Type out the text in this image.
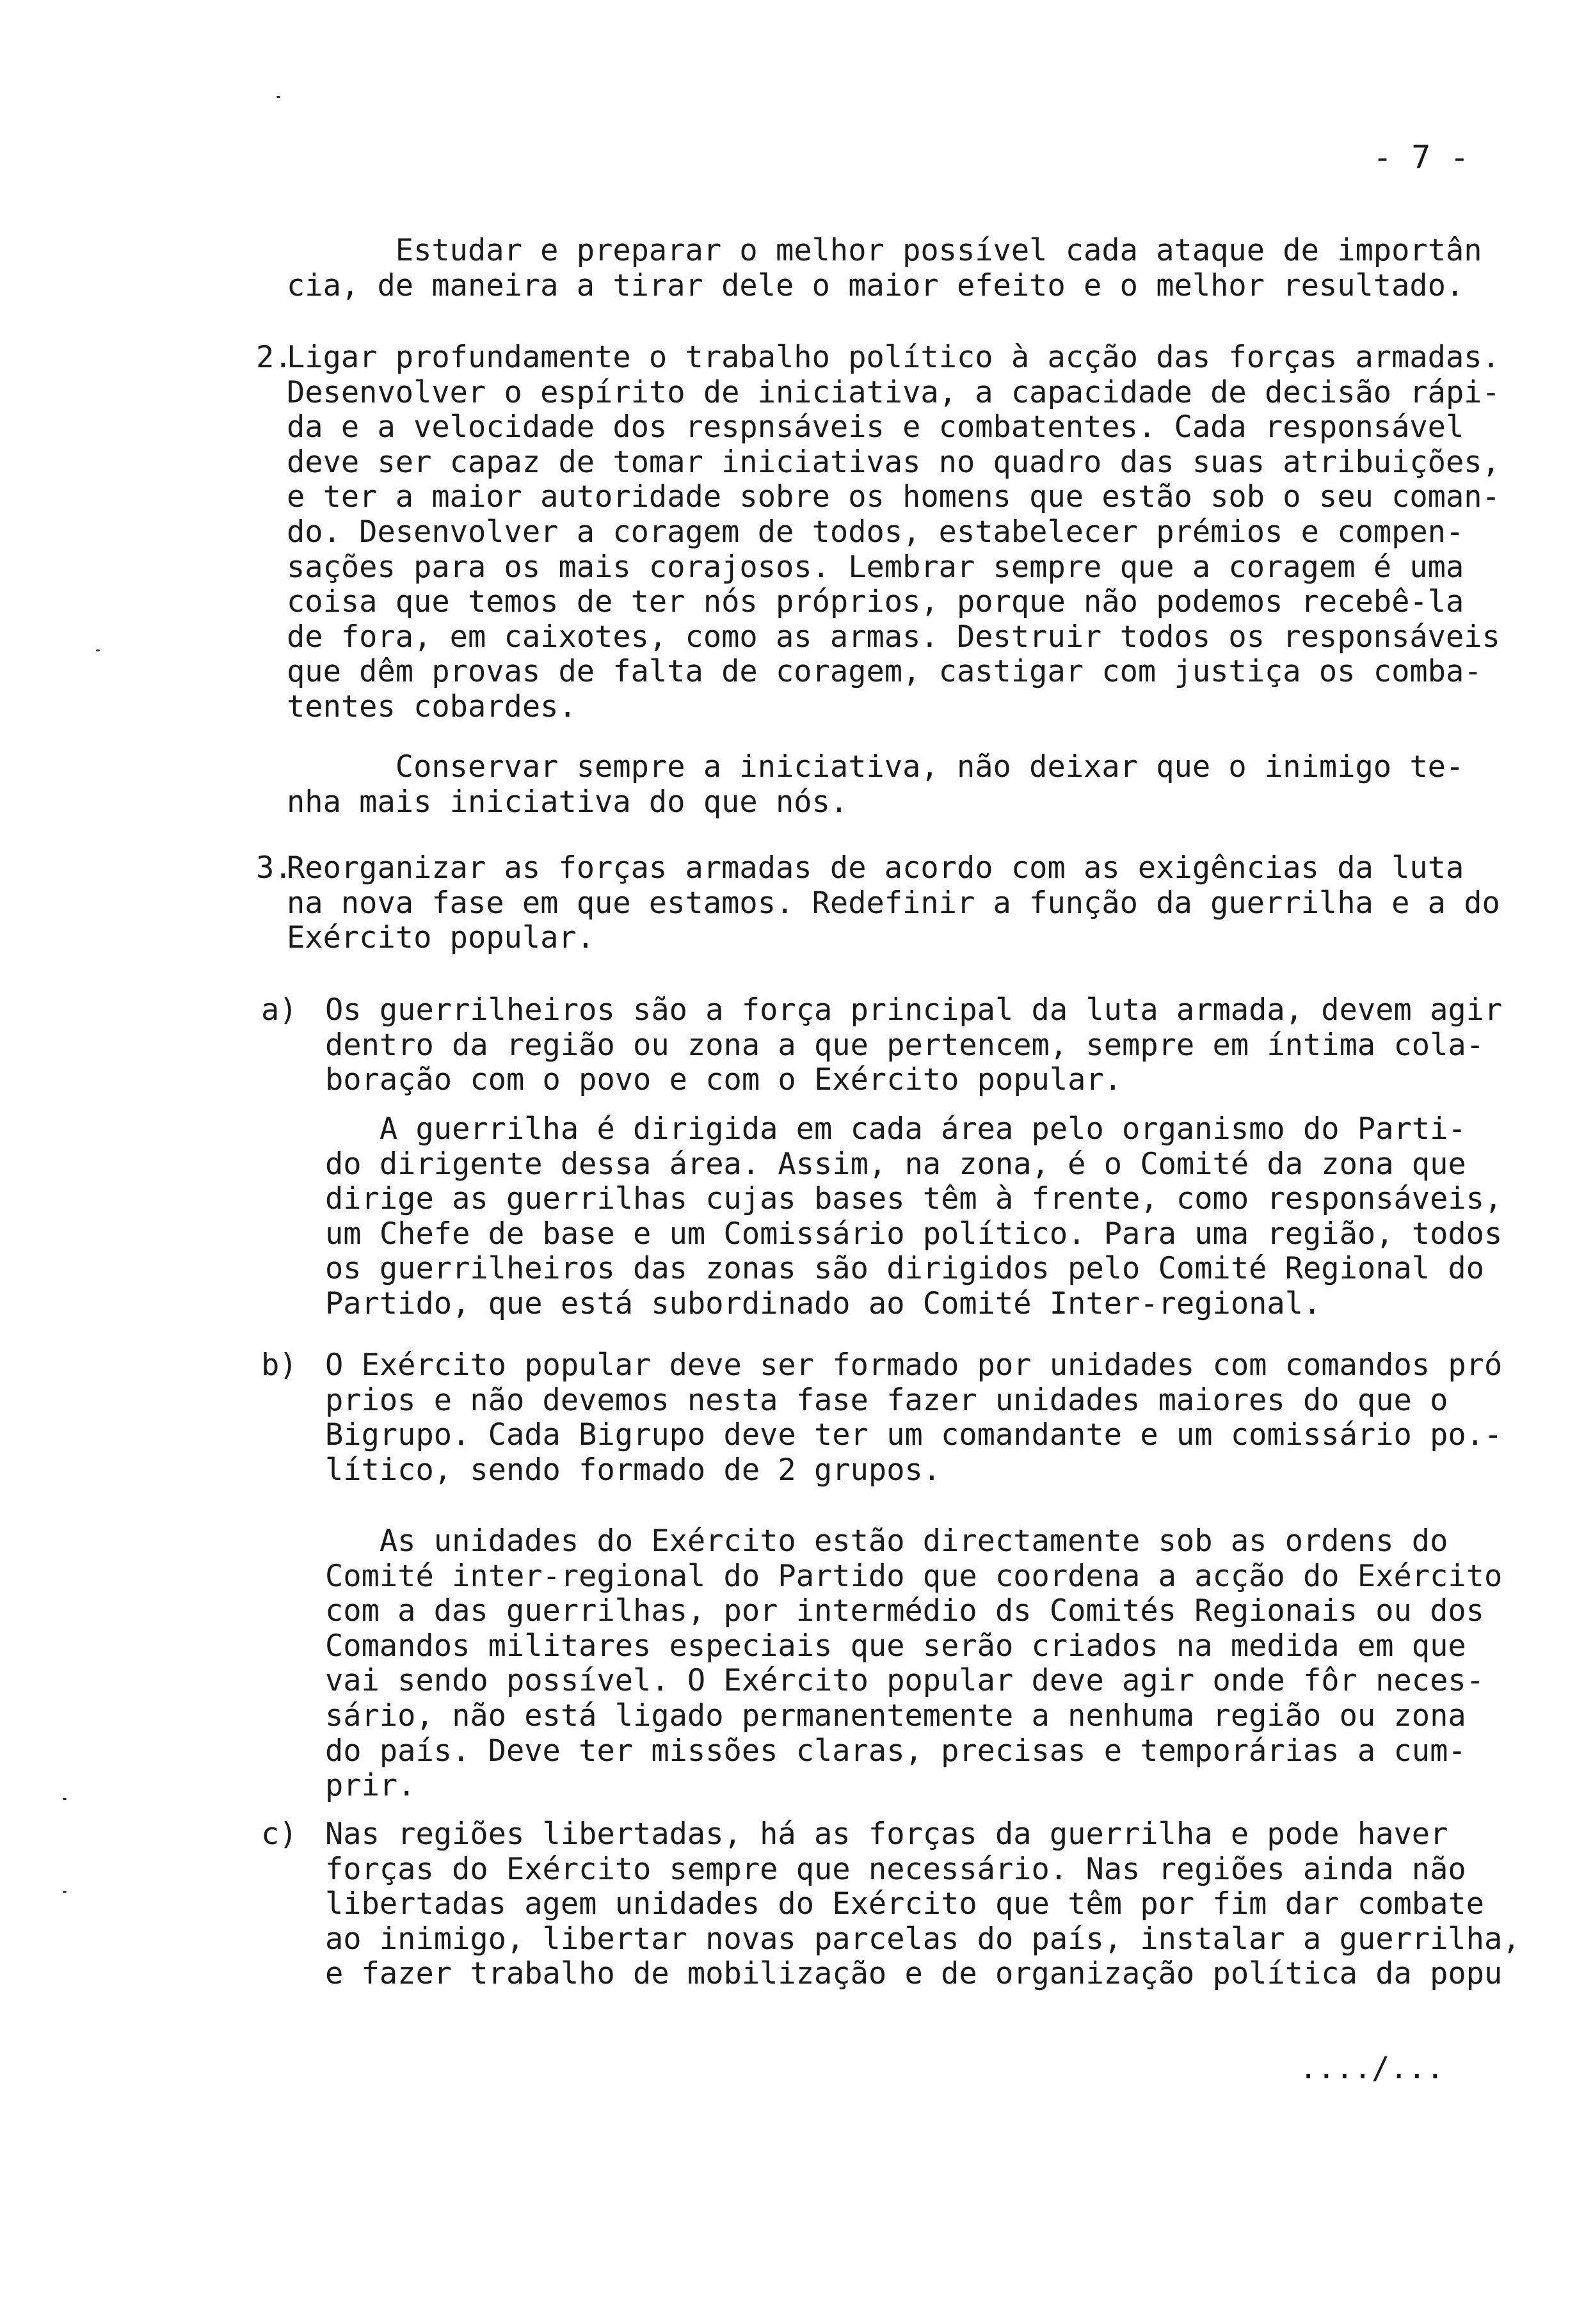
- 7 -
Estudar e preparar o melhor possível cada ataque de importân
cia, de maneira a tirar dele o maior efeito e o melhor resultado.
2.
Ligar profundamente o trabalho político à acção das forças armadas.
Desenvolver o espírito de iniciativa, a capacidade de decisão rápi-
da e a velocidade dos respnsáveis e combatentes. Cada responsável
deve ser capaz de tomar iniciativas no quadro das suas atribuições,
e ter a maior autoridade sobre os homens que estão sob o seu coman-
do. Desenvolver a coragem de todos, estabelecer prémios e compen-
sações para os mais corajosos. Lembrar sempre que a coragem é uma
coisa que temos de ter nós próprios, porque não podemos recebê-la
de fora, em caixotes, como as armas. Destruir todos os responsáveis
que dêm provas de falta de coragem, castigar com justiça os comba-
tentes cobardes.
Conservar sempre a iniciativa, não deixar que o inimigo te-
nha mais iniciativa do que nós.
3.
Reorganizar as forças armadas de acordo com as exigências da luta
na nova fase em que estamos. Redefinir a função da guerrilha e a do
Exército popular.
a) Os guerrilheiros são a força principal da luta armada, devem agir
dentro da região ou zona a que pertencem, sempre em íntima cola-
boração com o povo e com o Exército popular.
A guerrilha é dirigida em cada área pelo organismo do Parti-
do dirigente dessa área. Assim, na zona, é o Comité da zona que
dirige as guerrilhas cujas bases têm à frente, como responsáveis,
um Chefe de base e um Comissário político. Para uma região, todos
os guerrilheiros das zonas são dirigidos pelo Comité Regional do
Partido, que está subordinado ao Comité Inter-regional.
b) O Exército popular deve ser formado por unidades com comandos pró
prios e não devemos nesta fase fazer unidades maiores do que o
Bigrupo. Cada Bigrupo deve ter um comandante e um comissário po.-
lítico, sendo formado de 2 grupos.
As unidades do Exército estão directamente sob as ordens do
Comité inter-regional do Partido que coordena a acção do Exército
com a das guerrilhas, por intermédio ds Comités Regionais ou dos
Comandos militares especiais que serão criados na medida em que
vai sendo possível. O Exército popular deve agir onde fôr neces-
sário, não está ligado permanentemente a nenhuma região ou zona
do país. Deve ter missões claras, precisas e temporárias a cum-
prir.
c) Nas regiões libertadas, há as forças da guerrilha e pode haver
forças do Exército sempre que necessário. Nas regiões ainda não
libertadas agem unidades do Exército que têm por fim dar combate
ao inimigo, libertar novas parcelas do país, instalar a guerrilha,
e fazer trabalho de mobilização e de organização política da popu
..../...
